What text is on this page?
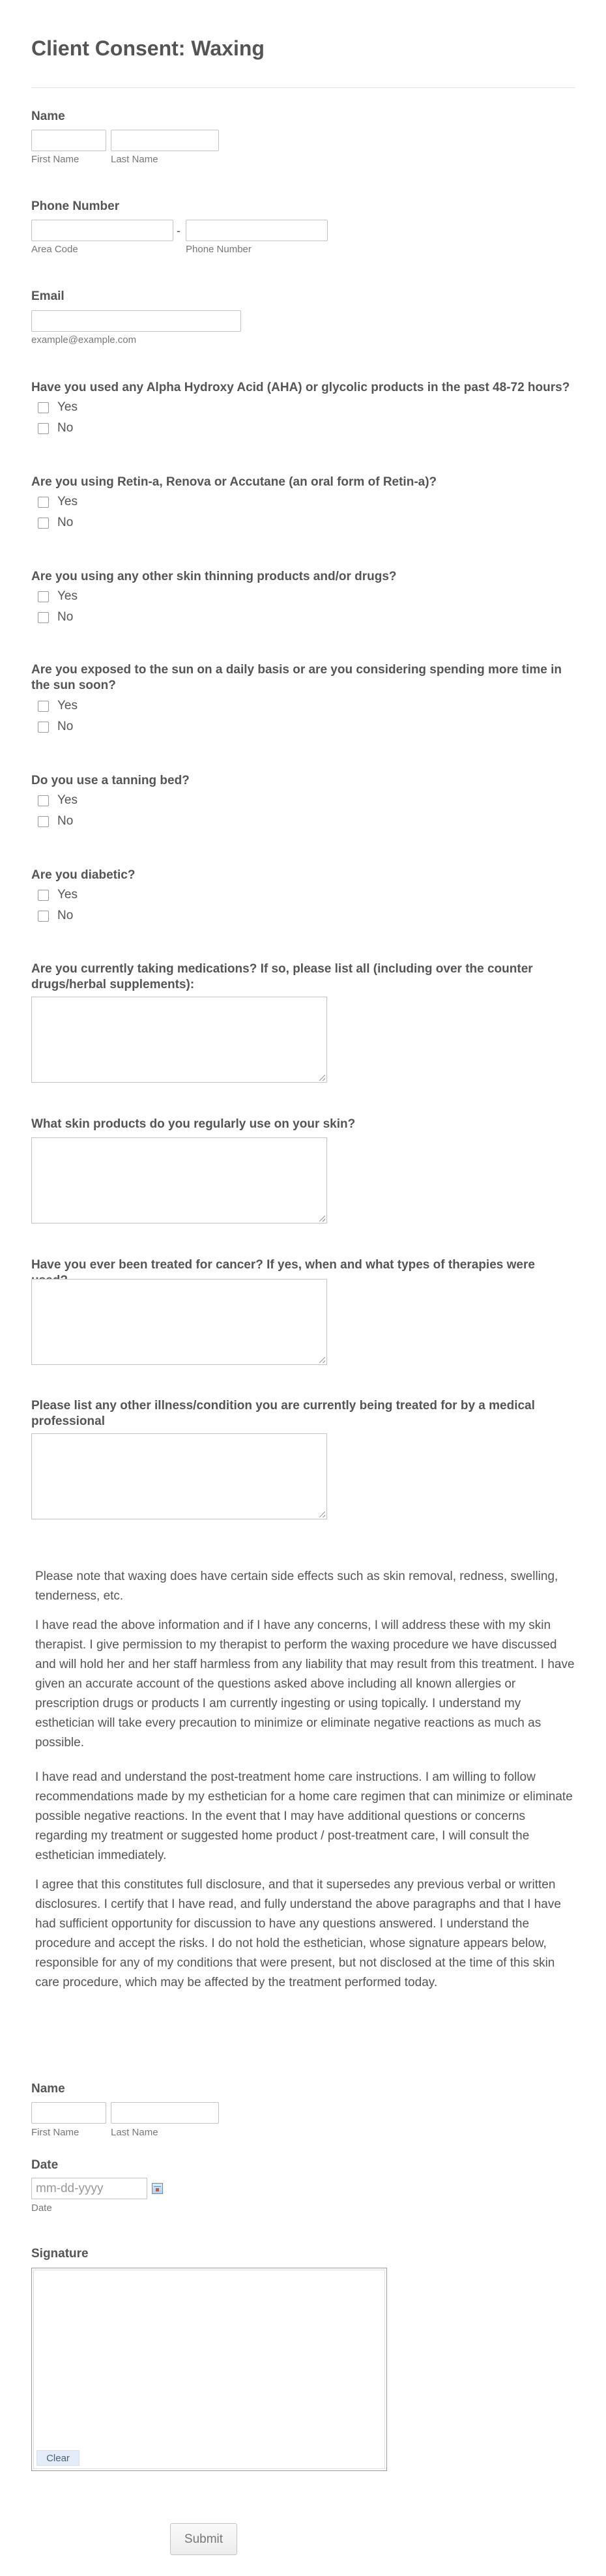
Client Consent: Waxing
Name
First Name	Last Name
Phone Number
-
Area Code	Phone Number
Email
example@example.com
Have you used any Alpha Hydroxy Acid (AHA) or glycolic products in the past 48-72 hours?
Yes
No
Are you using Retin-a, Renova or Accutane (an oral form of Retin-a)?
Yes
No
Are you using any other skin thinning products and/or drugs?
Yes
No
Are you exposed to the sun on a daily basis or are you considering spending more time in the sun soon?
Yes
No
Do you use a tanning bed?
Yes
No
Are you diabetic?
Yes
No
Are you currently taking medications? If so, please list all (including over the counter drugs/herbal supplements):
What skin products do you regularly use on your skin?
Have you ever been treated for cancer? If yes, when and what types of therapies were
Please list any other illness/condition you are currently being treated for by a medical professional
Please note that waxing does have certain side effects such as skin removal, redness, swelling, tenderness, etc.
I have read the above information and if I have any concerns, I will address these with my skin therapist. I give permission to my therapist to perform the waxing procedure we have discussed and will hold her and her staff harmless from any liability that may result from this treatment. I have given an accurate account of the questions asked above including all known allergies or prescription drugs or products I am currently ingesting or using topically. I understand my esthetician will take every precaution to minimize or eliminate negative reactions as much as possible.
I have read and understand the post-treatment home care instructions. I am willing to follow recommendations made by my esthetician for a home care regimen that can minimize or eliminate possible negative reactions. In the event that I may have additional questions or concerns regarding my treatment or suggested home product / post-treatment care, I will consult the esthetician immediately.
I agree that this constitutes full disclosure, and that it supersedes any previous verbal or written disclosures. I certify that I have read, and fully understand the above paragraphs and that I have had sufficient opportunity for discussion to have any questions answered. I understand the procedure and accept the risks. I do not hold the esthetician, whose signature appears below, responsible for any of my conditions that were present, but not disclosed at the time of this skin care procedure, which may be affected by the treatment performed today.
Name
First Name	Last Name
Date
mm-dd-yyyy
Date
Signature
Clear
Submit
